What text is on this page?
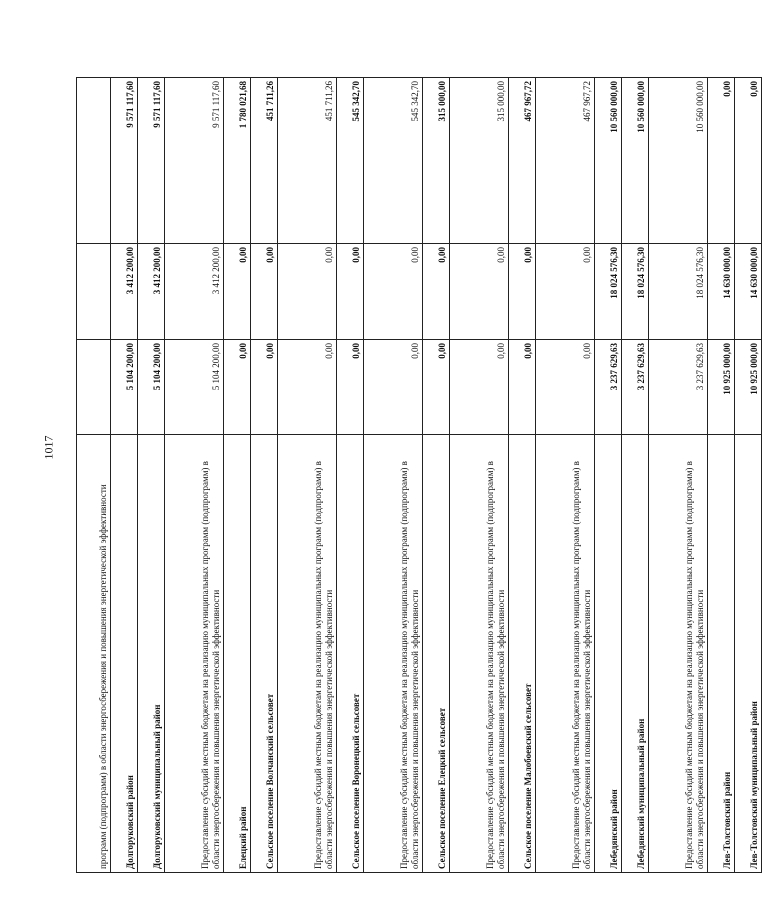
1017
программ (подпрограмм) в области энергосбережения и повышения энергетической эффективности			
Долгоруковский район	5 104 200,00	3 412 200,00	9 571 117,60
Долгоруковский муниципальный район	5 104 200,00	3 412 200,00	9 571 117,60
Предоставление субсидий местным бюджетам на реализацию муниципальных программ (подпрограмм) в области энергосбережения и повышения энергетической эффективности	5 104 200,00	3 412 200,00	9 571 117,60
Елецкий район	0,00	0,00	1 780 021,68
Сельское поселение Волчанский сельсовет	0,00	0,00	451 711,26
Предоставление субсидий местным бюджетам на реализацию муниципальных программ (подпрограмм) в области энергосбережения и повышения энергетической эффективности	0,00	0,00	451 711,26
Сельское поселение Воронецкий сельсовет	0,00	0,00	545 342,70
Предоставление субсидий местным бюджетам на реализацию муниципальных программ (подпрограмм) в области энергосбережения и повышения энергетической эффективности	0,00	0,00	545 342,70
Сельское поселение Елецкий сельсовет	0,00	0,00	315 000,00
Предоставление субсидий местным бюджетам на реализацию муниципальных программ (подпрограмм) в области энергосбережения и повышения энергетической эффективности	0,00	0,00	315 000,00
Сельское поселение Малобоевский сельсовет	0,00	0,00	467 967,72
Предоставление субсидий местным бюджетам на реализацию муниципальных программ (подпрограмм) в области энергосбережения и повышения энергетической эффективности	0,00	0,00	467 967,72
Лебедянский район	3 237 629,63	18 024 576,30	10 560 000,00
Лебедянский муниципальный район	3 237 629,63	18 024 576,30	10 560 000,00
Предоставление субсидий местным бюджетам на реализацию муниципальных программ (подпрограмм) в области энергосбережения и повышения энергетической эффективности	3 237 629,63	18 024 576,30	10 560 000,00
Лев-Толстовский район	10 925 000,00	14 630 000,00	0,00
Лев-Толстовский муниципальный район	10 925 000,00	14 630 000,00	0,00
